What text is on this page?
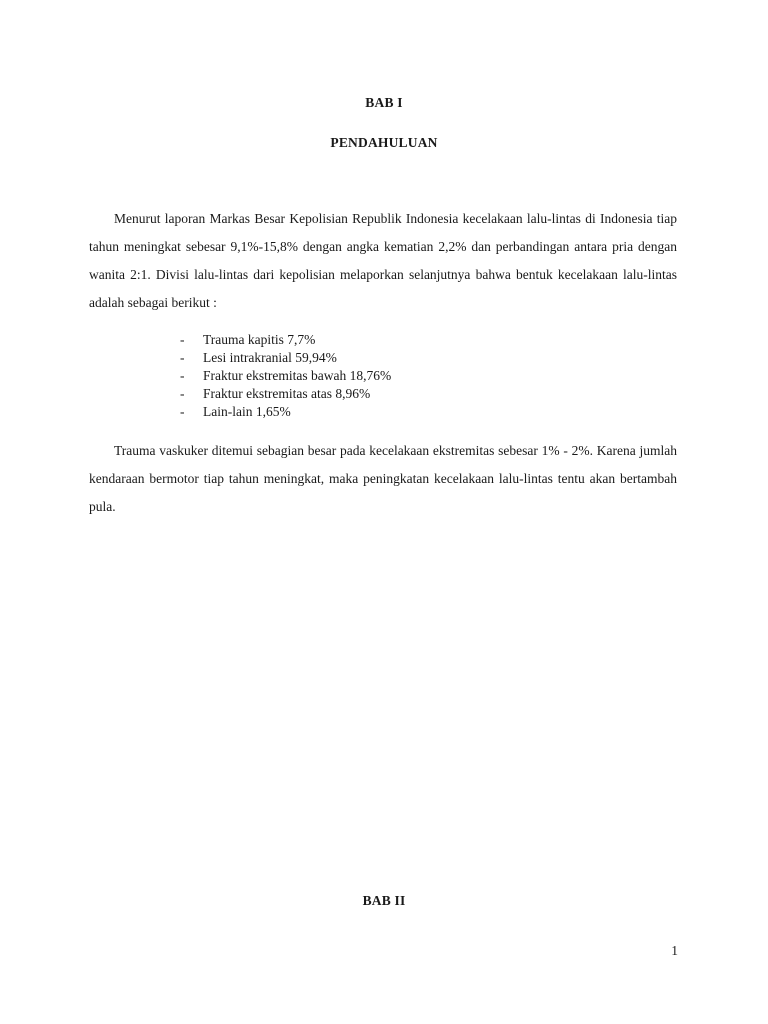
BAB I
PENDAHULUAN

Menurut laporan Markas Besar Kepolisian Republik Indonesia kecelakaan lalu-lintas di Indonesia tiap tahun meningkat sebesar 9,1%-15,8% dengan angka kematian 2,2% dan perbandingan antara pria dengan wanita 2:1. Divisi lalu-lintas dari kepolisian melaporkan selanjutnya bahwa bentuk kecelakaan lalu-lintas adalah sebagai berikut :

-	Trauma kapitis 7,7%
-	Lesi intrakranial 59,94%
-	Fraktur ekstremitas bawah 18,76%
-	Fraktur ekstremitas atas 8,96%
-	Lain-lain 1,65%

Trauma vaskuker ditemui sebagian besar pada kecelakaan ekstremitas sebesar 1% - 2%. Karena jumlah kendaraan bermotor tiap tahun meningkat, maka peningkatan kecelakaan lalu-lintas tentu akan bertambah pula.

BAB II
1
